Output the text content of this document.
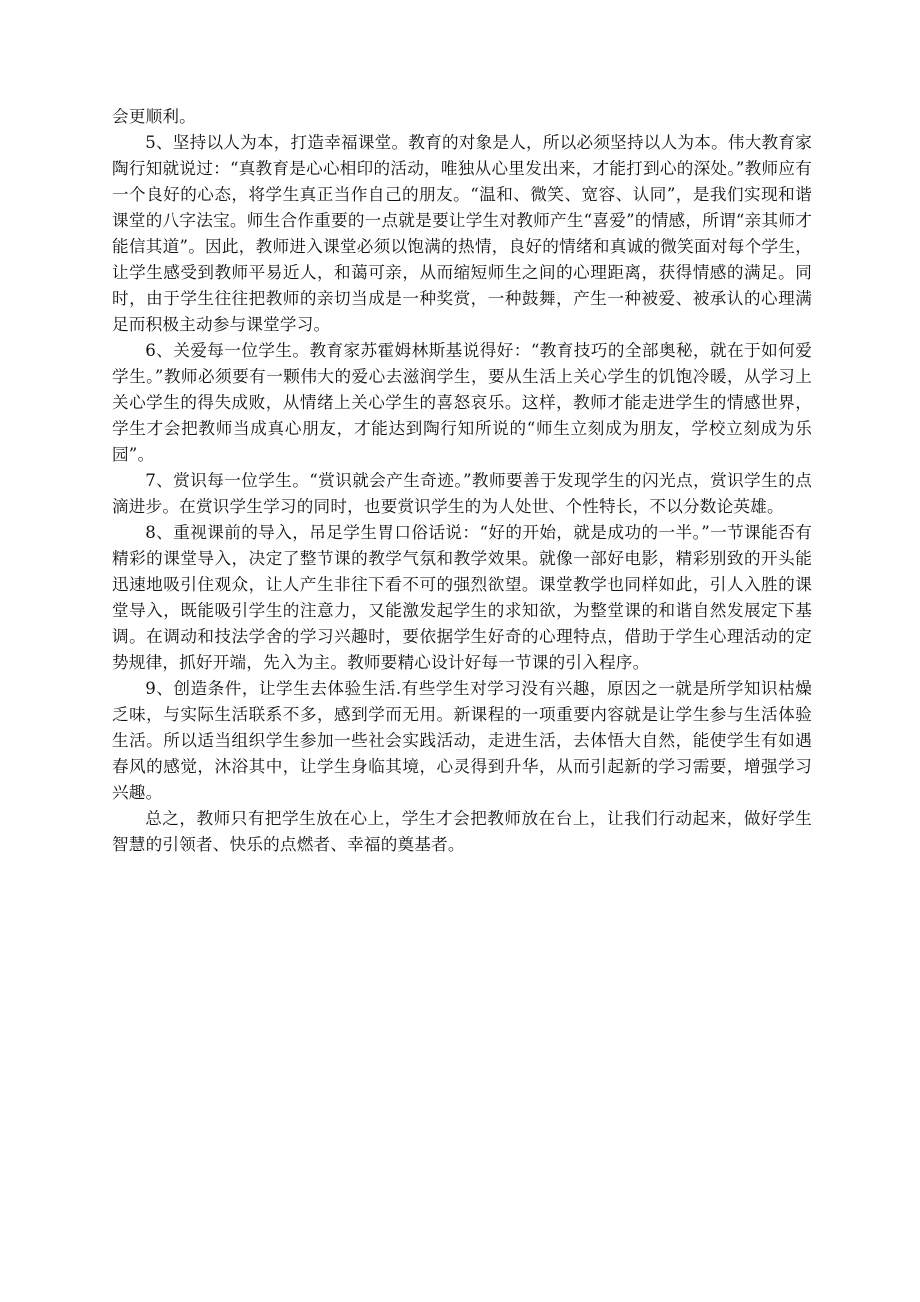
会更顺利。

5、坚持以人为本，打造幸福课堂。教育的对象是人，所以必须坚持以人为本。伟大教育家陶行知就说过：“真教育是心心相印的活动，唯独从心里发出来，才能打到心的深处。”教师应有一个良好的心态，将学生真正当作自己的朋友。“温和、微笑、宽容、认同”，是我们实现和谐课堂的八字法宝。师生合作重要的一点就是要让学生对教师产生“喜爱”的情感，所谓“亲其师才能信其道”。因此，教师进入课堂必须以饱满的热情，良好的情绪和真诚的微笑面对每个学生，让学生感受到教师平易近人，和蔼可亲，从而缩短师生之间的心理距离，获得情感的满足。同时，由于学生往往把教师的亲切当成是一种奖赏，一种鼓舞，产生一种被爱、被承认的心理满足而积极主动参与课堂学习。

6、关爱每一位学生。教育家苏霍姆林斯基说得好：“教育技巧的全部奥秘，就在于如何爱学生。”教师必须要有一颗伟大的爱心去滋润学生，要从生活上关心学生的饥饱冷暖，从学习上关心学生的得失成败，从情绪上关心学生的喜怒哀乐。这样，教师才能走进学生的情感世界，学生才会把教师当成真心朋友，才能达到陶行知所说的“师生立刻成为朋友，学校立刻成为乐园”。

7、赏识每一位学生。“赏识就会产生奇迹。”教师要善于发现学生的闪光点，赏识学生的点滴进步。在赏识学生学习的同时，也要赏识学生的为人处世、个性特长，不以分数论英雄。

8、重视课前的导入，吊足学生胃口俗话说：“好的开始，就是成功的一半。”一节课能否有精彩的课堂导入，决定了整节课的教学气氛和教学效果。就像一部好电影，精彩别致的开头能迅速地吸引住观众，让人产生非往下看不可的强烈欲望。课堂教学也同样如此，引人入胜的课堂导入，既能吸引学生的注意力，又能激发起学生的求知欲，为整堂课的和谐自然发展定下基调。在调动和技法学舍的学习兴趣时，要依据学生好奇的心理特点，借助于学生心理活动的定势规律，抓好开端，先入为主。教师要精心设计好每一节课的引入程序。

9、创造条件，让学生去体验生活.有些学生对学习没有兴趣，原因之一就是所学知识枯燥乏味，与实际生活联系不多，感到学而无用。新课程的一项重要内容就是让学生参与生活体验生活。所以适当组织学生参加一些社会实践活动，走进生活，去体悟大自然，能使学生有如遇春风的感觉，沐浴其中，让学生身临其境，心灵得到升华，从而引起新的学习需要，增强学习兴趣。

总之，教师只有把学生放在心上，学生才会把教师放在台上，让我们行动起来，做好学生智慧的引领者、快乐的点燃者、幸福的奠基者。
